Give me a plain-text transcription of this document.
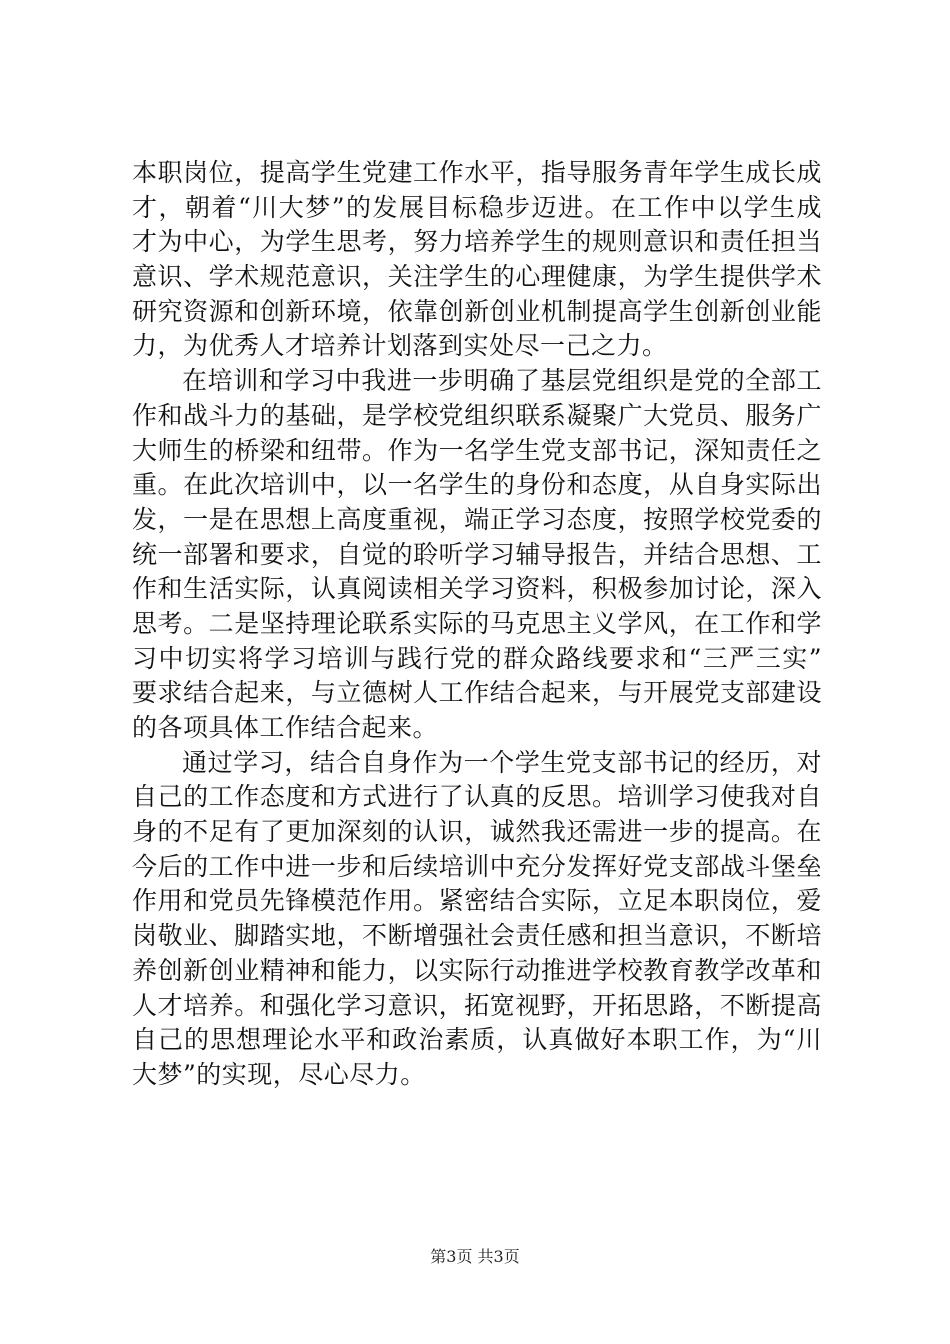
本职岗位，提高学生党建工作水平，指导服务青年学生成长成
才，朝着“川大梦”的发展目标稳步迈进。在工作中以学生成
才为中心，为学生思考，努力培养学生的规则意识和责任担当
意识、学术规范意识，关注学生的心理健康，为学生提供学术
研究资源和创新环境，依靠创新创业机制提高学生创新创业能
力，为优秀人才培养计划落到实处尽一己之力。
在培训和学习中我进一步明确了基层党组织是党的全部工
作和战斗力的基础，是学校党组织联系凝聚广大党员、服务广
大师生的桥梁和纽带。作为一名学生党支部书记，深知责任之
重。在此次培训中，以一名学生的身份和态度，从自身实际出
发，一是在思想上高度重视，端正学习态度，按照学校党委的
统一部署和要求，自觉的聆听学习辅导报告，并结合思想、工
作和生活实际，认真阅读相关学习资料，积极参加讨论，深入
思考。二是坚持理论联系实际的马克思主义学风，在工作和学
习中切实将学习培训与践行党的群众路线要求和“三严三实”
要求结合起来，与立德树人工作结合起来，与开展党支部建设
的各项具体工作结合起来。
通过学习，结合自身作为一个学生党支部书记的经历，对
自己的工作态度和方式进行了认真的反思。培训学习使我对自
身的不足有了更加深刻的认识，诚然我还需进一步的提高。在
今后的工作中进一步和后续培训中充分发挥好党支部战斗堡垒
作用和党员先锋模范作用。紧密结合实际，立足本职岗位，爱
岗敬业、脚踏实地，不断增强社会责任感和担当意识，不断培
养创新创业精神和能力，以实际行动推进学校教育教学改革和
人才培养。和强化学习意识，拓宽视野，开拓思路，不断提高
自己的思想理论水平和政治素质，认真做好本职工作，为“川
大梦”的实现，尽心尽力。
第3页 共3页
